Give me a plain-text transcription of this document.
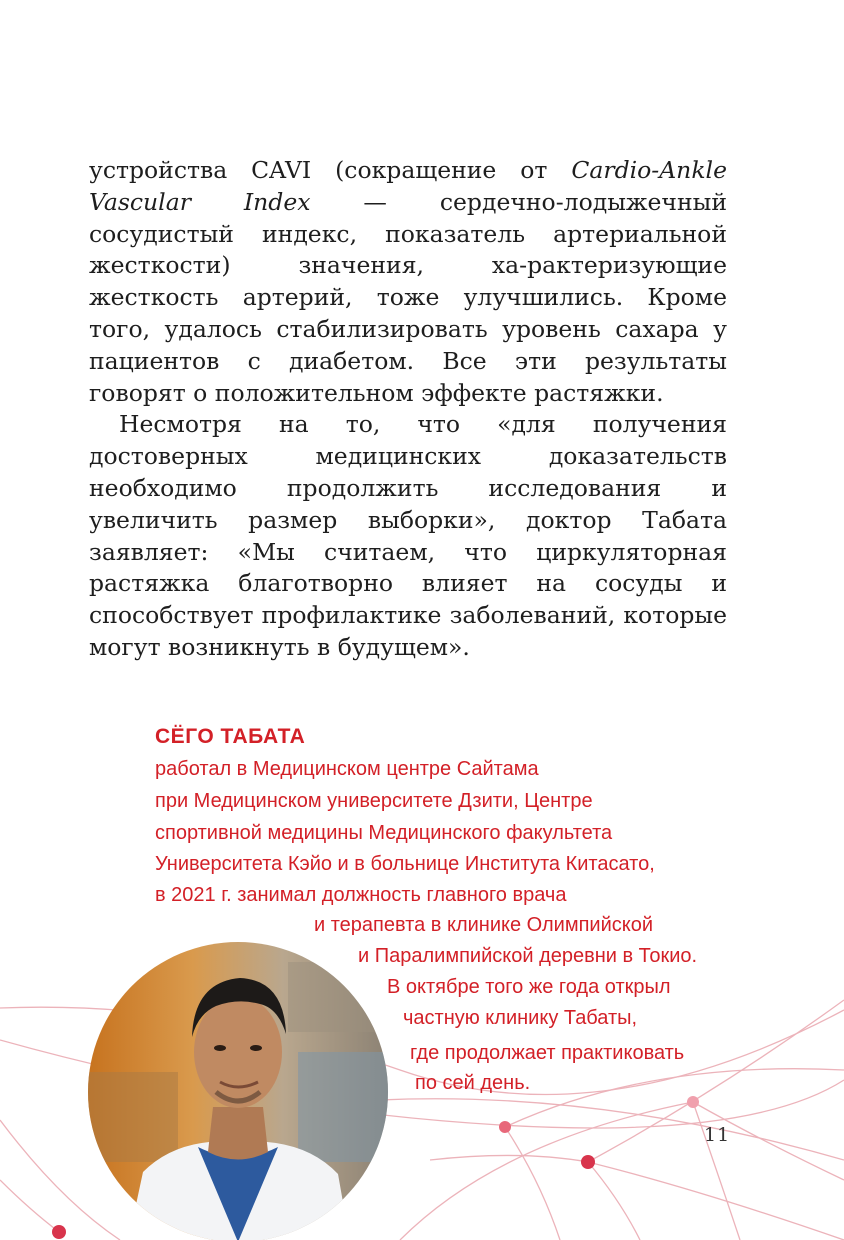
устройства CAVI (сокращение от Cardio-Ankle Vascular Index — сердечно-лодыжечный сосудистый индекс, показатель артериальной жесткости) значения, ха-рактеризующие жесткость артерий, тоже улучшились. Кроме того, удалось стабилизировать уровень сахара у пациентов с диабетом. Все эти результаты говорят о положительном эффекте растяжки.

Несмотря на то, что «для получения достоверных медицинских доказательств необходимо продолжить исследования и увеличить размер выборки», доктор Табата заявляет: «Мы считаем, что циркуляторная растяжка благотворно влияет на сосуды и способствует профилактике заболеваний, которые могут возникнуть в будущем».

СЁГО ТАБАТА
работал в Медицинском центре Сайтама
при Медицинском университете Дзити, Центре
спортивной медицины Медицинского факультета
Университета Кэйо и в больнице Института Китасато,
в 2021 г. занимал должность главного врача
и терапевта в клинике Олимпийской
и Паралимпийской деревни в Токио.
В октябре того же года открыл
частную клинику Табаты,
где продолжает практиковать
по сей день.
11
